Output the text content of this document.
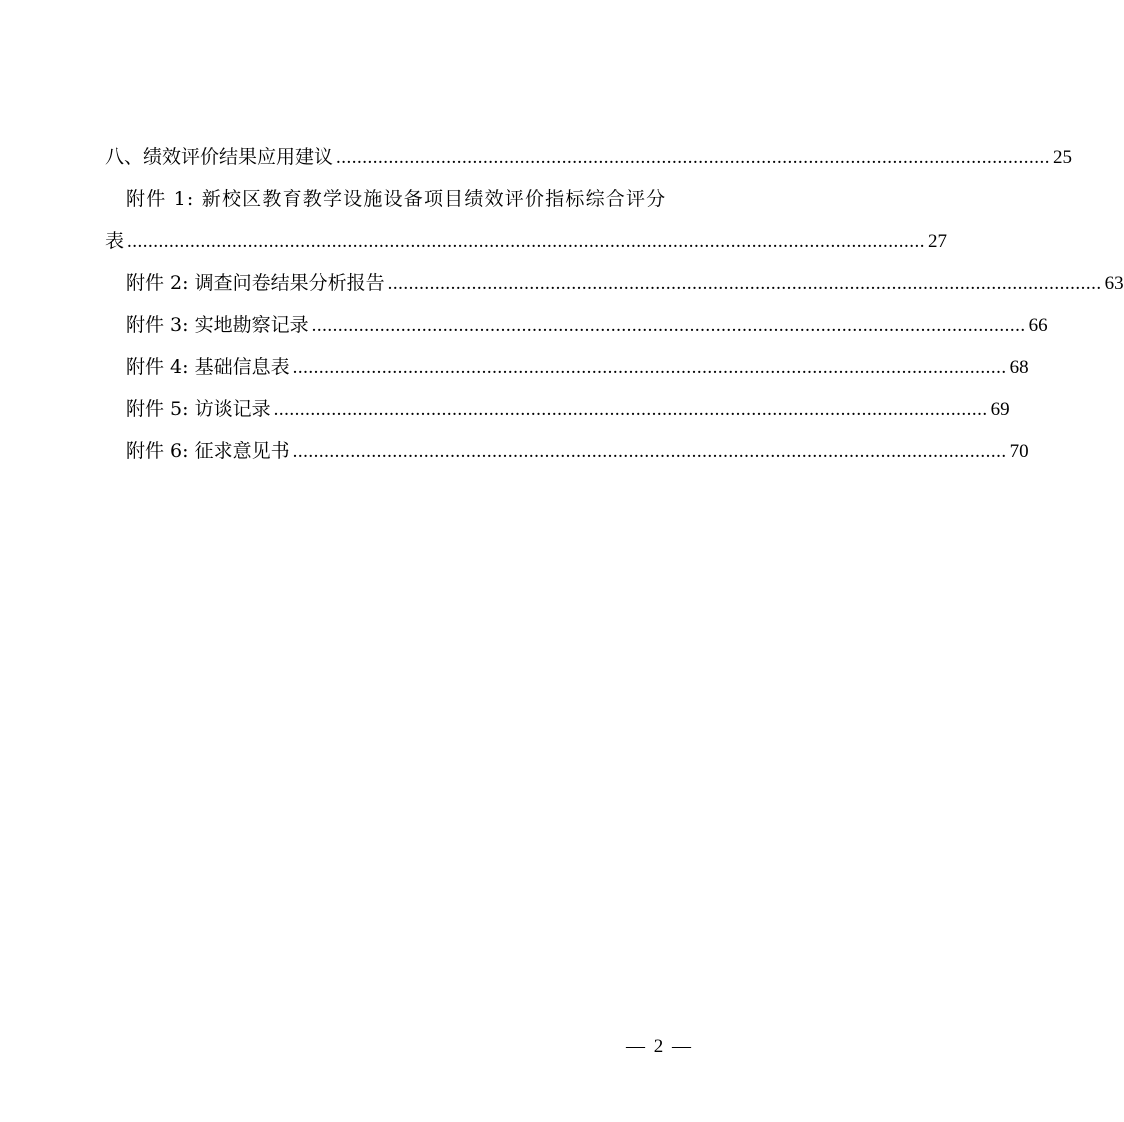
八、绩效评价结果应用建议 ........................................................................................................................................ 25
附件 1: 新校区教育教学设施设备项目绩效评价指标综合评分
表 ........................................................................................................................................................ 27
附件 2: 调查问卷结果分析报告 ........................................................................................................................................ 63
附件 3: 实地勘察记录 ........................................................................................................................................ 66
附件 4: 基础信息表 ........................................................................................................................................ 68
附件 5: 访谈记录 ........................................................................................................................................ 69
附件 6: 征求意见书 ........................................................................................................................................ 70
— 2 —
